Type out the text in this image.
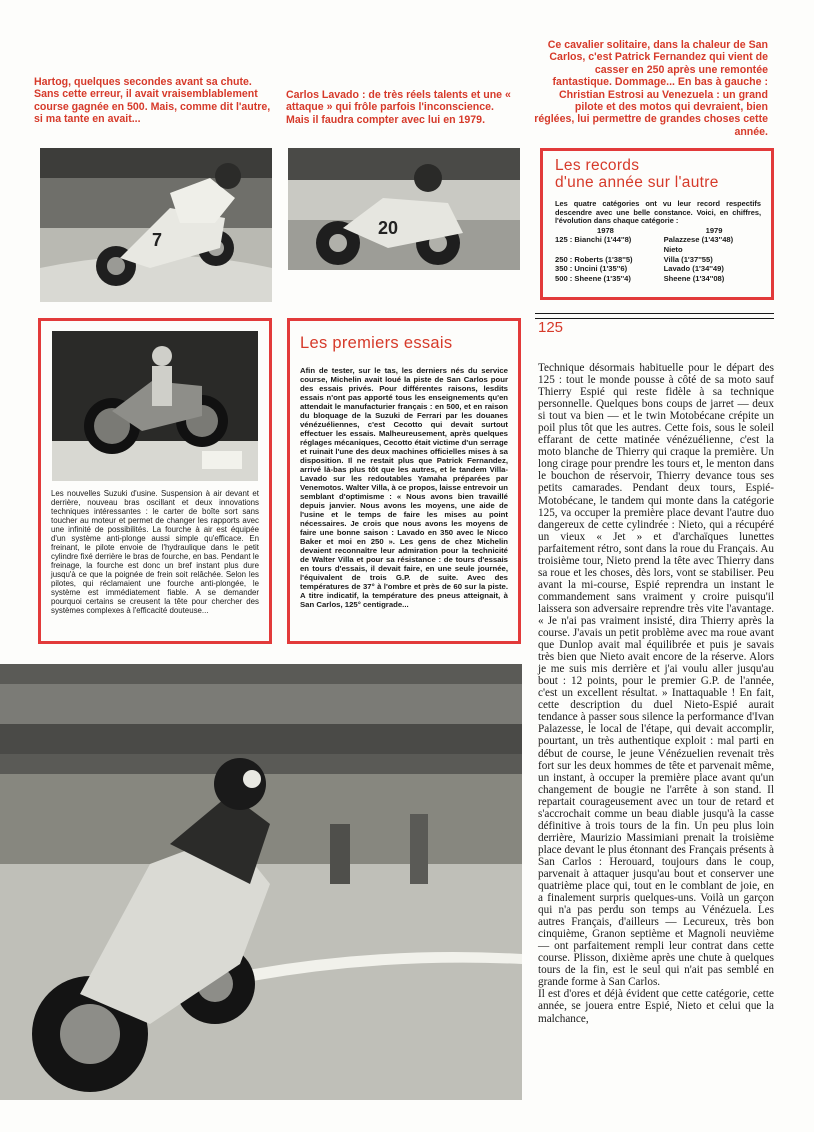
Hartog, quelques secondes avant sa chute. Sans cette erreur, il avait vraisemblablement course gagnée en 500. Mais, comme dit l'autre, si ma tante en avait...

Carlos Lavado : de très réels talents et une « attaque » qui frôle parfois l'inconscience.
Mais il faudra compter avec lui en 1979.

Ce cavalier solitaire, dans la chaleur de San Carlos, c'est Patrick Fernandez qui vient de casser en 250 après une remontée fantastique. Dommage... En bas à gauche : Christian Estrosi au Venezuela : un grand pilote et des motos qui devraient, bien réglées, lui permettre de grandes choses cette année.

7
20

Les records
d'une année sur l'autre

Les quatre catégories ont vu leur record respectifs descendre avec une belle constance. Voici, en chiffres, l'évolution dans chaque catégorie :

1978	1979
125 : Bianchi (1'44''8)	Palazzese (1'43''48)
	Nieto
250 : Roberts (1'38''5)	Villa (1'37''55)
350 : Uncini (1'35''6)	Lavado (1'34''49)
500 : Sheene (1'35''4)	Sheene (1'34''08)

Les nouvelles Suzuki d'usine. Suspension à air devant et derrière, nouveau bras oscillant et deux innovations techniques intéressantes : le carter de boîte sort sans toucher au moteur et permet de changer les rapports avec une infinité de possibilités. La fourche à air est équipée d'un système anti-plonge aussi simple qu'efficace. En freinant, le pilote envoie de l'hydraulique dans le petit cylindre fixé derrière le bras de fourche, en bas. Pendant le freinage, la fourche est donc un bref instant plus dure jusqu'à ce que la poignée de frein soit relâchée. Selon les pilotes, qui réclamaient une fourche anti-plongée, le système est immédiatement fiable. A se demander pourquoi certains se creusent la tête pour chercher des systèmes complexes à l'efficacité douteuse...

Les premiers essais

Afin de tester, sur le tas, les derniers nés du service course, Michelin avait loué la piste de San Carlos pour des essais privés. Pour différentes raisons, lesdits essais n'ont pas apporté tous les enseignements qu'en attendait le manufacturier français : en 500, et en raison du bloquage de la Suzuki de Ferrari par les douanes vénézuéliennes, c'est Cecotto qui devait surtout effectuer les essais. Malheureusement, après quelques réglages mécaniques, Cecotto était victime d'un serrage et ruinait l'une des deux machines officielles mises à sa disposition. Il ne restait plus que Patrick Fernandez, arrivé là-bas plus tôt que les autres, et le tandem Villa-Lavado sur les redoutables Yamaha préparées par Venemotos. Walter Villa, à ce propos, laisse entrevoir un semblant d'optimisme : « Nous avons bien travaillé depuis janvier. Nous avons les moyens, une aide de l'usine et le temps de faire les mises au point nécessaires. Je crois que nous avons les moyens de faire une bonne saison : Lavado en 350 avec le Nicco Baker et moi en 250 ». Les gens de chez Michelin devaient reconnaître leur admiration pour la technicité de Walter Villa et pour sa résistance : de tours d'essais en tours d'essais, il devait faire, en une seule journée, l'équivalent de trois G.P. de suite. Avec des températures de 37° à l'ombre et près de 60 sur la piste. A titre indicatif, la température des pneus atteignait, à San Carlos, 125° centigrade...

125

Technique désormais habituelle pour le départ des 125 : tout le monde pousse à côté de sa moto sauf Thierry Espié qui reste fidèle à sa technique personnelle. Quelques bons coups de jarret — deux si tout va bien — et le twin Motobécane crépite un poil plus tôt que les autres. Cette fois, sous le soleil effarant de cette matinée vénézuélienne, c'est la moto blanche de Thierry qui craque la première. Un long cirage pour prendre les tours et, le menton dans le bouchon de réservoir, Thierry devance tous ses petits camarades. Pendant deux tours, Espié-Motobécane, le tandem qui monte dans la catégorie 125, va occuper la première place devant l'autre duo dangereux de cette cylindrée : Nieto, qui a récupéré un vieux « Jet » et d'archaïques lunettes parfaitement rétro, sont dans la roue du Français. Au troisième tour, Nieto prend la tête avec Thierry dans sa roue et les choses, dès lors, vont se stabiliser. Peu avant la mi-course, Espié reprendra un instant le commandement sans vraiment y croire puisqu'il laissera son adversaire reprendre très vite l'avantage. « Je n'ai pas vraiment insisté, dira Thierry après la course. J'avais un petit problème avec ma roue avant que Dunlop avait mal équilibrée et puis je savais très bien que Nieto avait encore de la réserve. Alors je me suis mis derrière et j'ai voulu aller jusqu'au bout : 12 points, pour le premier G.P. de l'année, c'est un excellent résultat. » Inattaquable ! En fait, cette description du duel Nieto-Espié aurait tendance à passer sous silence la performance d'Ivan Palazesse, le local de l'étape, qui devait accomplir, pourtant, un très authentique exploit : mal parti en début de course, le jeune Vénézuelien revenait très fort sur les deux hommes de tête et parvenait même, un instant, à occuper la première place avant qu'un changement de bougie ne l'arrête à son stand. Il repartait courageusement avec un tour de retard et s'accrochait comme un beau diable jusqu'à la casse définitive à trois tours de la fin. Un peu plus loin derrière, Maurizio Massimiani prenait la troisième place devant le plus étonnant des Français présents à San Carlos : Herouard, toujours dans le coup, parvenait à attaquer jusqu'au bout et conserver une quatrième place qui, tout en le comblant de joie, en a finalement surpris quelques-uns. Voilà un garçon qui n'a pas perdu son temps au Vénézuela. Les autres Français, d'ailleurs — Lecureux, très bon cinquième, Granon septième et Magnoli neuvième — ont parfaitement rempli leur contrat dans cette course. Plisson, dixième après une chute à quelques tours de la fin, est le seul qui n'ait pas semblé en grande forme à San Carlos.

Il est d'ores et déjà évident que cette catégorie, cette année, se jouera entre Espié, Nieto et celui que la malchance,
